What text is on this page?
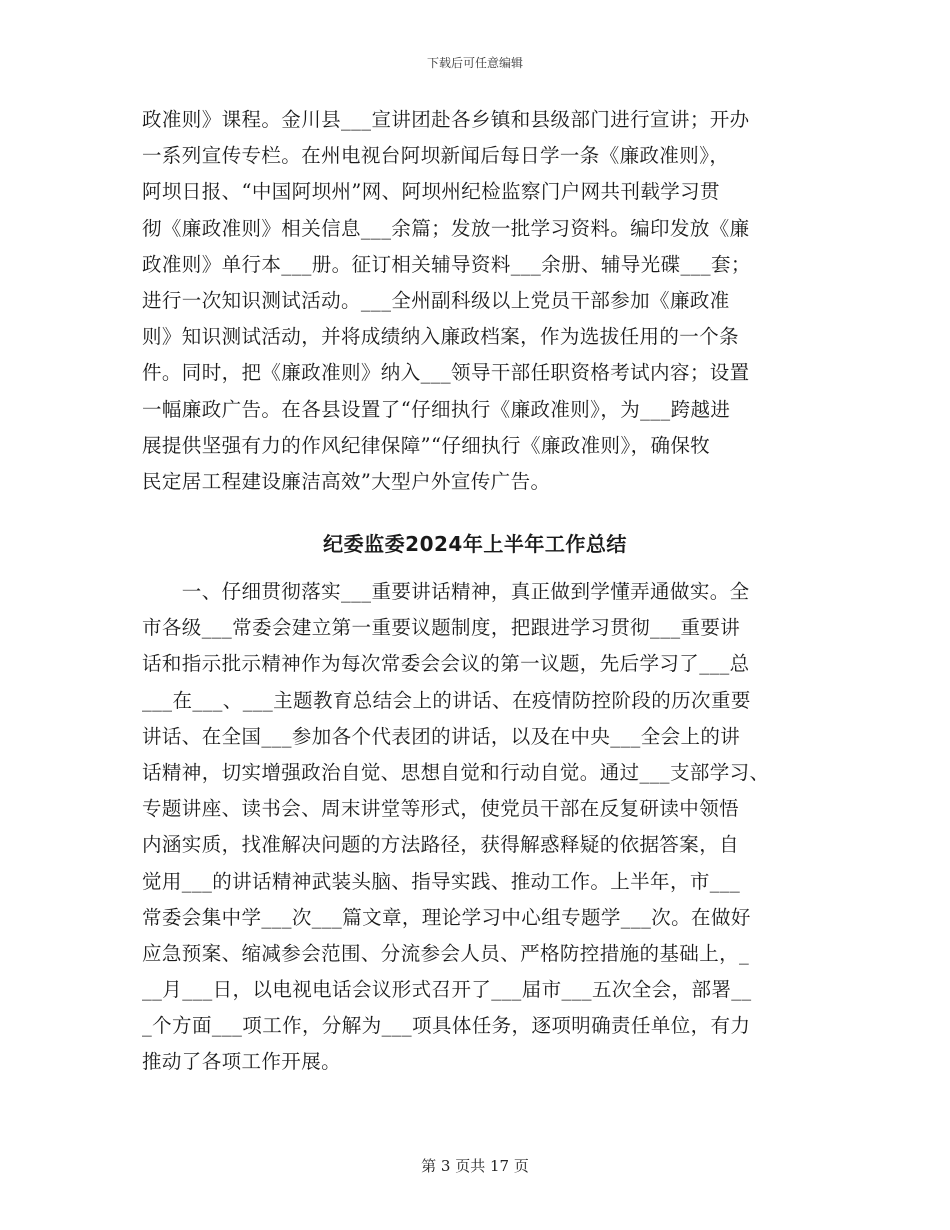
下载后可任意编辑
政准则》课程。金川县___宣讲团赴各乡镇和县级部门进行宣讲；开办
一系列宣传专栏。在州电视台阿坝新闻后每日学一条《廉政准则》，
阿坝日报、“中国阿坝州”网、阿坝州纪检监察门户网共刊载学习贯
彻《廉政准则》相关信息___余篇；发放一批学习资料。编印发放《廉
政准则》单行本___册。征订相关辅导资料___余册、辅导光碟___套；
进行一次知识测试活动。___全州副科级以上党员干部参加《廉政准
则》知识测试活动，并将成绩纳入廉政档案，作为选拔任用的一个条
件。同时，把《廉政准则》纳入___领导干部任职资格考试内容；设置
一幅廉政广告。在各县设置了“仔细执行《廉政准则》，为___跨越进
展提供坚强有力的作风纪律保障”“仔细执行《廉政准则》，确保牧
民定居工程建设廉洁高效”大型户外宣传广告。
纪委监委2024年上半年工作总结
　　一、仔细贯彻落实___重要讲话精神，真正做到学懂弄通做实。全
市各级___常委会建立第一重要议题制度，把跟进学习贯彻___重要讲
话和指示批示精神作为每次常委会会议的第一议题，先后学习了___总
___在___、___主题教育总结会上的讲话、在疫情防控阶段的历次重要
讲话、在全国___参加各个代表团的讲话，以及在中央___全会上的讲
话精神，切实增强政治自觉、思想自觉和行动自觉。通过___支部学习、
专题讲座、读书会、周末讲堂等形式，使党员干部在反复研读中领悟
内涵实质，找准解决问题的方法路径，获得解惑释疑的依据答案，自
觉用___的讲话精神武装头脑、指导实践、推动工作。上半年，市___
常委会集中学___次___篇文章，理论学习中心组专题学___次。在做好
应急预案、缩减参会范围、分流参会人员、严格防控措施的基础上，_
__月___日，以电视电话会议形式召开了___届市___五次全会，部署__
_个方面___项工作，分解为___项具体任务，逐项明确责任单位，有力
推动了各项工作开展。
第 3 页共 17 页
